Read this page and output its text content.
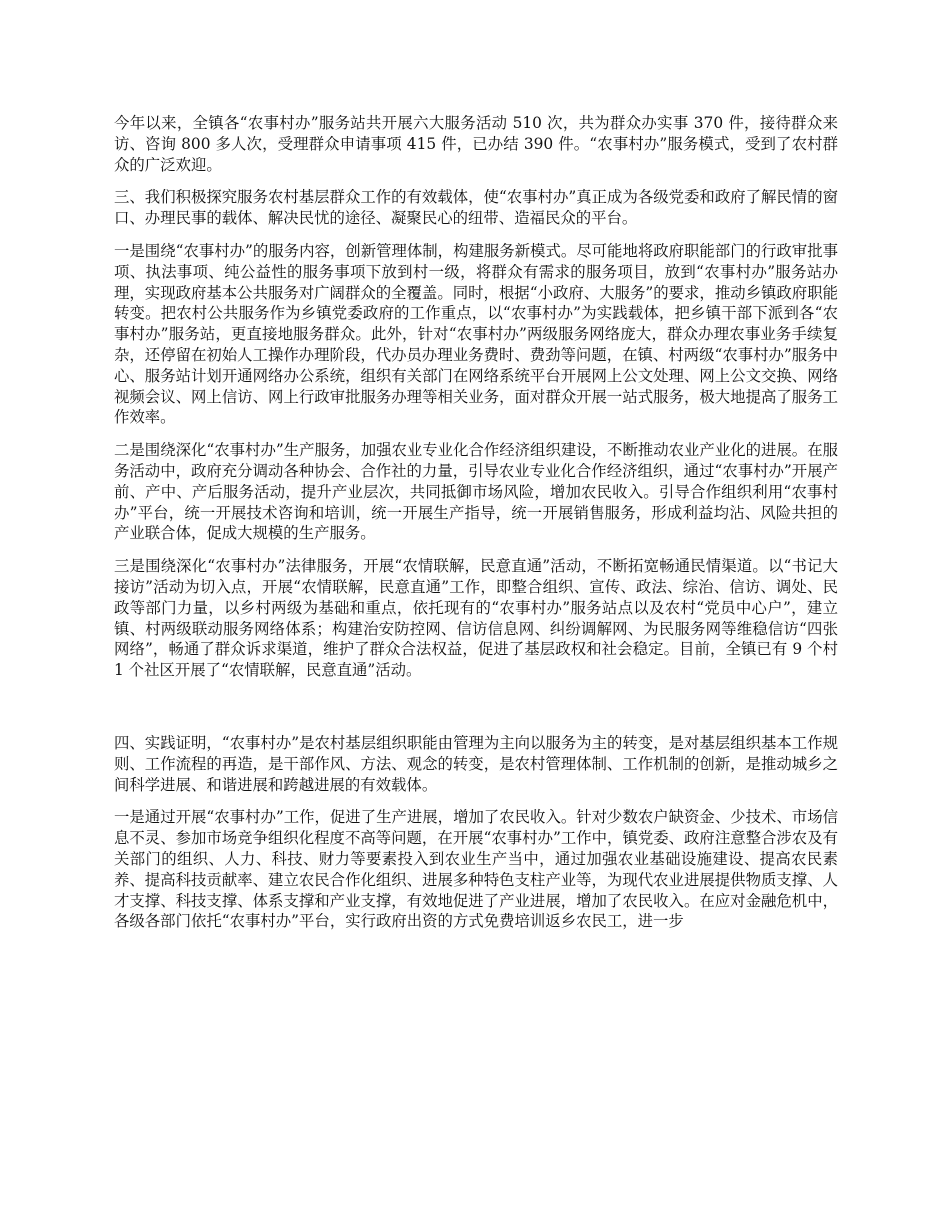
今年以来，全镇各“农事村办”服务站共开展六大服务活动 510 次，共为群众办实事 370 件，接待群众来访、咨询 800 多人次，受理群众申请事项 415 件，已办结 390 件。“农事村办”服务模式，受到了农村群众的广泛欢迎。

三、我们积极探究服务农村基层群众工作的有效载体，使“农事村办”真正成为各级党委和政府了解民情的窗口、办理民事的载体、解决民忧的途径、凝聚民心的纽带、造福民众的平台。

一是围绕“农事村办”的服务内容，创新管理体制，构建服务新模式。尽可能地将政府职能部门的行政审批事项、执法事项、纯公益性的服务事项下放到村一级，将群众有需求的服务项目，放到“农事村办”服务站办理，实现政府基本公共服务对广阔群众的全覆盖。同时，根据“小政府、大服务”的要求，推动乡镇政府职能转变。把农村公共服务作为乡镇党委政府的工作重点，以“农事村办”为实践载体，把乡镇干部下派到各“农事村办”服务站，更直接地服务群众。此外，针对“农事村办”两级服务网络庞大，群众办理农事业务手续复杂，还停留在初始人工操作办理阶段，代办员办理业务费时、费劲等问题，在镇、村两级“农事村办”服务中心、服务站计划开通网络办公系统，组织有关部门在网络系统平台开展网上公文处理、网上公文交换、网络视频会议、网上信访、网上行政审批服务办理等相关业务，面对群众开展一站式服务，极大地提高了服务工作效率。

二是围绕深化“农事村办”生产服务，加强农业专业化合作经济组织建设，不断推动农业产业化的进展。在服务活动中，政府充分调动各种协会、合作社的力量，引导农业专业化合作经济组织，通过“农事村办”开展产前、产中、产后服务活动，提升产业层次，共同抵御市场风险，增加农民收入。引导合作组织利用“农事村办”平台，统一开展技术咨询和培训，统一开展生产指导，统一开展销售服务，形成利益均沾、风险共担的产业联合体，促成大规模的生产服务。

三是围绕深化“农事村办”法律服务，开展“农情联解，民意直通”活动，不断拓宽畅通民情渠道。以“书记大接访”活动为切入点，开展“农情联解，民意直通”工作，即整合组织、宣传、政法、综治、信访、调处、民政等部门力量，以乡村两级为基础和重点，依托现有的“农事村办”服务站点以及农村“党员中心户”，建立镇、村两级联动服务网络体系；构建治安防控网、信访信息网、纠纷调解网、为民服务网等维稳信访“四张网络”，畅通了群众诉求渠道，维护了群众合法权益，促进了基层政权和社会稳定。目前，全镇已有 9 个村 1 个社区开展了“农情联解，民意直通”活动。

四、实践证明，“农事村办”是农村基层组织职能由管理为主向以服务为主的转变，是对基层组织基本工作规则、工作流程的再造，是干部作风、方法、观念的转变，是农村管理体制、工作机制的创新，是推动城乡之间科学进展、和谐进展和跨越进展的有效载体。

一是通过开展“农事村办”工作，促进了生产进展，增加了农民收入。针对少数农户缺资金、少技术、市场信息不灵、参加市场竞争组织化程度不高等问题，在开展“农事村办”工作中，镇党委、政府注意整合涉农及有关部门的组织、人力、科技、财力等要素投入到农业生产当中，通过加强农业基础设施建设、提高农民素养、提高科技贡献率、建立农民合作化组织、进展多种特色支柱产业等，为现代农业进展提供物质支撑、人才支撑、科技支撑、体系支撑和产业支撑，有效地促进了产业进展，增加了农民收入。在应对金融危机中，各级各部门依托“农事村办”平台，实行政府出资的方式免费培训返乡农民工，进一步
